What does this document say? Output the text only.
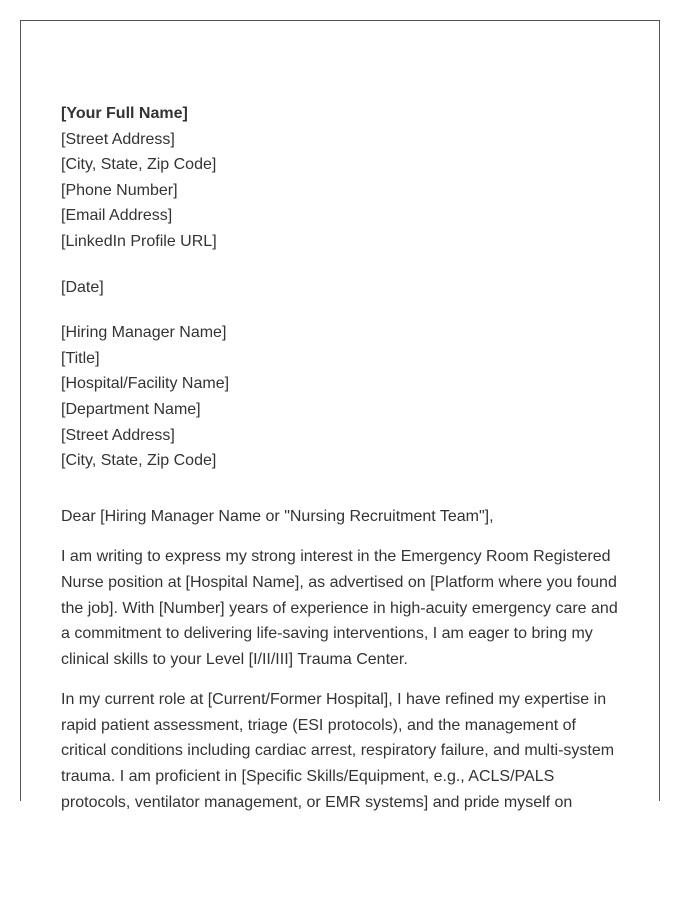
[Your Full Name]

[Street Address]

[City, State, Zip Code]

[Phone Number]

[Email Address]

[LinkedIn Profile URL]

[Date]

[Hiring Manager Name]

[Title]

[Hospital/Facility Name]

[Department Name]

[Street Address]

[City, State, Zip Code]

Dear [Hiring Manager Name or "Nursing Recruitment Team"],

I am writing to express my strong interest in the Emergency Room Registered Nurse position at [Hospital Name], as advertised on [Platform where you found the job]. With [Number] years of experience in high-acuity emergency care and a commitment to delivering life-saving interventions, I am eager to bring my clinical skills to your Level [I/II/III] Trauma Center.

In my current role at [Current/Former Hospital], I have refined my expertise in rapid patient assessment, triage (ESI protocols), and the management of critical conditions including cardiac arrest, respiratory failure, and multi-system trauma. I am proficient in [Specific Skills/Equipment, e.g., ACLS/PALS protocols, ventilator management, or EMR systems] and pride myself on
